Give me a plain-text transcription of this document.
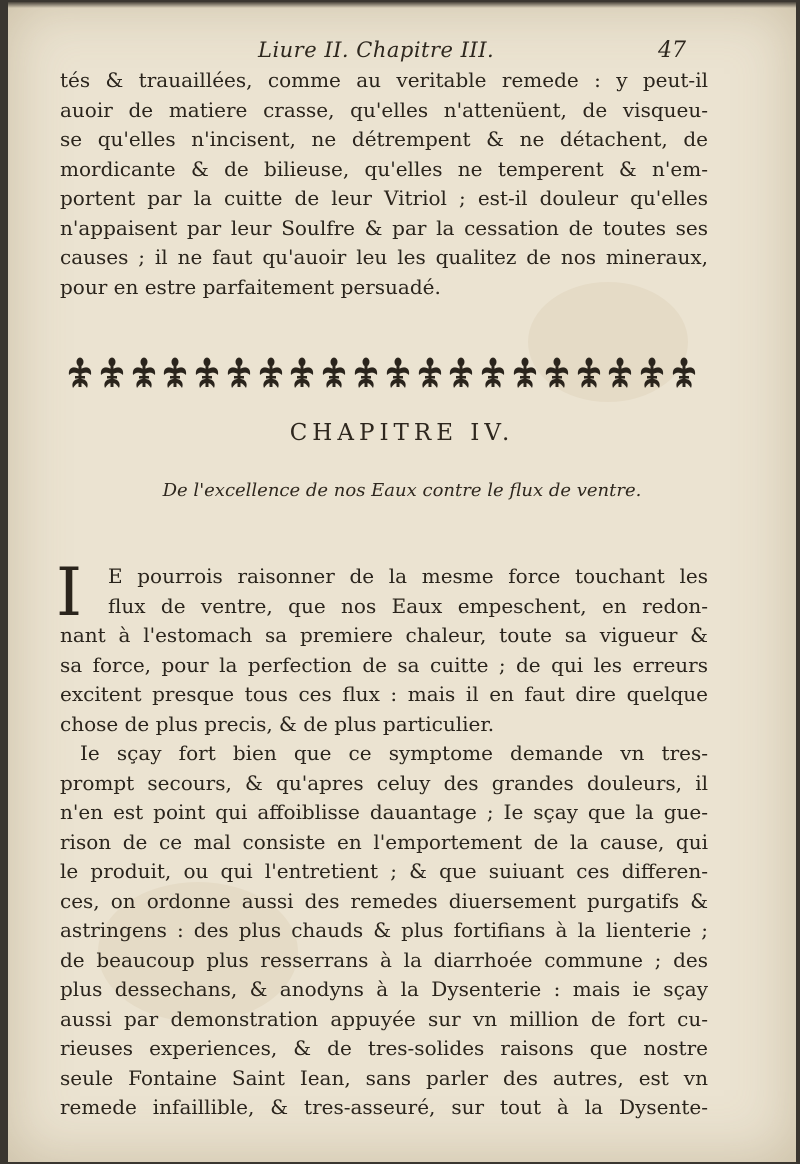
Liure II. Chapitre III.	47
tés & trauaillées, comme au veritable remede : y peut-il
auoir de matiere crasse, qu'elles n'attenüent, de visqueu-
se qu'elles n'incisent, ne détrempent & ne détachent, de
mordicante & de bilieuse, qu'elles ne temperent & n'em-
portent par la cuitte de leur Vitriol ; est-il douleur qu'elles
n'appaisent par leur Soulfre & par la cessation de toutes ses
causes ; il ne faut qu'auoir leu les qualitez de nos mineraux,
pour en estre parfaitement persuadé.
CHAPITRE IV.
De l'excellence de nos Eaux contre le flux de ventre.
I E pourrois raisonner de la mesme force touchant les
flux de ventre, que nos Eaux empeschent, en redon-
nant à l'estomach sa premiere chaleur, toute sa vigueur &
sa force, pour la perfection de sa cuitte ; de qui les erreurs
excitent presque tous ces flux : mais il en faut dire quelque
chose de plus precis, & de plus particulier.
Ie sçay fort bien que ce symptome demande vn tres-
prompt secours, & qu'apres celuy des grandes douleurs, il
n'en est point qui affoiblisse dauantage ; Ie sçay que la gue-
rison de ce mal consiste en l'emportement de la cause, qui
le produit, ou qui l'entretient ; & que suiuant ces differen-
ces, on ordonne aussi des remedes diuersement purgatifs &
astringens : des plus chauds & plus fortifians à la lienterie ;
de beaucoup plus resserrans à la diarrhoée commune ; des
plus dessechans, & anodyns à la Dysenterie : mais ie sçay
aussi par demonstration appuyée sur vn million de fort cu-
rieuses experiences, & de tres-solides raisons que nostre
seule Fontaine Saint Iean, sans parler des autres, est vn
remede infaillible, & tres-asseuré, sur tout à la Dysente-
